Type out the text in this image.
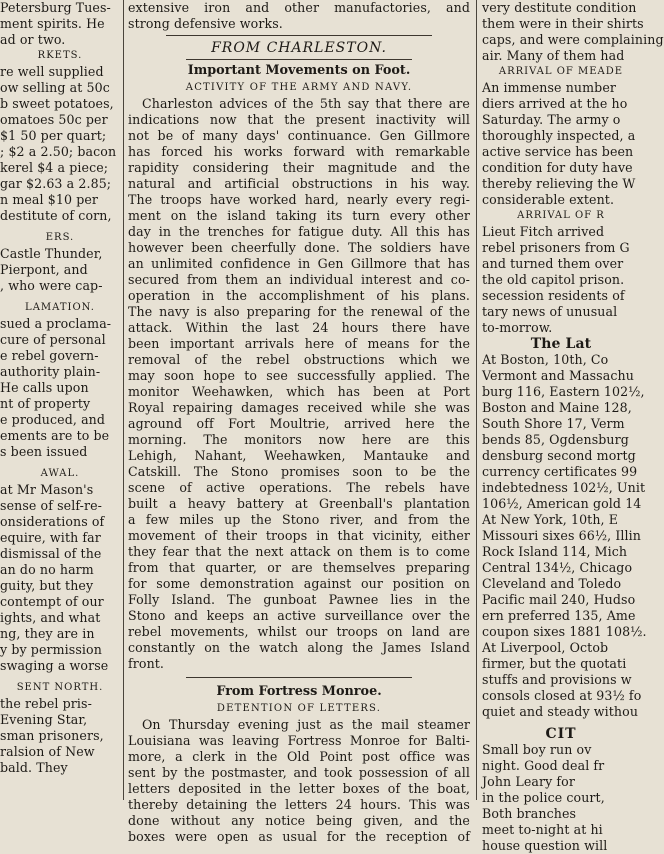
Petersburg Tues-
ment spirits. He
ad or two.
RKETS.
re well supplied
ow selling at 50c
b sweet potatoes,
omatoes 50c per
$1 50 per quart;
; $2 a 2.50; bacon
kerel $4 a piece;
gar $2.63 a 2.85;
n meal $10 per
destitute of corn,
ERS.
Castle Thunder,
Pierpont, and
, who were cap-
LAMATION.
sued a proclama-
cure of personal
e rebel govern-
authority plain-
He calls upon
nt of property
e produced, and
ements are to be
s been issued
AWAL.
at Mr Mason's
sense of self-re-
onsiderations of
equire, with far
dismissal of the
an do no harm
guity, but they
contempt of our
ights, and what
ng, they are in
y by permission
swaging a worse
SENT NORTH.
the rebel pris-
Evening Star,
sman prisoners,
ralsion of New
bald. They
extensive iron and other manufactories, and
strong defensive works.
FROM CHARLESTON.
Important Movements on Foot.
ACTIVITY OF THE ARMY AND NAVY.
Charleston advices of the 5th say that there are
indications now that the present inactivity will
not be of many days' continuance. Gen Gillmore
has forced his works forward with remarkable
rapidity considering their magnitude and the
natural and artificial obstructions in his way.
The troops have worked hard, nearly every regi-
ment on the island taking its turn every other
day in the trenches for fatigue duty. All this has
however been cheerfully done. The soldiers have
an unlimited confidence in Gen Gillmore that has
secured from them an individual interest and co-
operation in the accomplishment of his plans.
The navy is also preparing for the renewal of the
attack. Within the last 24 hours there have
been important arrivals here of means for the
removal of the rebel obstructions which we
may soon hope to see successfully applied. The
monitor Weehawken, which has been at Port
Royal repairing damages received while she was
aground off Fort Moultrie, arrived here the
morning. The monitors now here are this
Lehigh, Nahant, Weehawken, Mantauke and
Catskill. The Stono promises soon to be the
scene of active operations. The rebels have
built a heavy battery at Greenball's plantation
a few miles up the Stono river, and from the
movement of their troops in that vicinity, either
they fear that the next attack on them is to come
from that quarter, or are themselves preparing
for some demonstration against our position on
Folly Island. The gunboat Pawnee lies in the
Stono and keeps an active surveillance over the
rebel movements, whilst our troops on land are
constantly on the watch along the James Island
front.
From Fortress Monroe.
DETENTION OF LETTERS.
On Thursday evening just as the mail steamer
Louisiana was leaving Fortress Monroe for Balti-
more, a clerk in the Old Point post office was
sent by the postmaster, and took possession of all
letters deposited in the letter boxes of the boat,
thereby detaining the letters 24 hours. This was
done without any notice being given, and the
boxes were open as usual for the reception of
very destitute condition
them were in their shirts
caps, and were complaining
air. Many of them had
ARRIVAL OF MEADE
An immense number
diers arrived at the ho
Saturday. The army o
thoroughly inspected, a
active service has been
condition for duty have
thereby relieving the W
considerable extent.
ARRIVAL OF R
Lieut Fitch arrived
rebel prisoners from G
and turned them over
the old capitol prison.
secession residents of
tary news of unusual
to-morrow.
The Lat
At Boston, 10th, Co
Vermont and Massachu
burg 116, Eastern 102½,
Boston and Maine 128,
South Shore 17, Verm
bends 85, Ogdensburg
densburg second mortg
currency certificates 99
indebtedness 102½, Unit
106½, American gold 14
At New York, 10th, E
Missouri sixes 66½, Illin
Rock Island 114, Mich
Central 134½, Chicago
Cleveland and Toledo
Pacific mail 240, Hudso
ern preferred 135, Ame
coupon sixes 1881 108½.
At Liverpool, Octob
firmer, but the quotati
stuffs and provisions w
consols closed at 93½ fo
quiet and steady withou
CIT
Small boy run ov
night. Good deal fr
John Leary for
in the police court,
Both branches
meet to-night at hi
house question will
